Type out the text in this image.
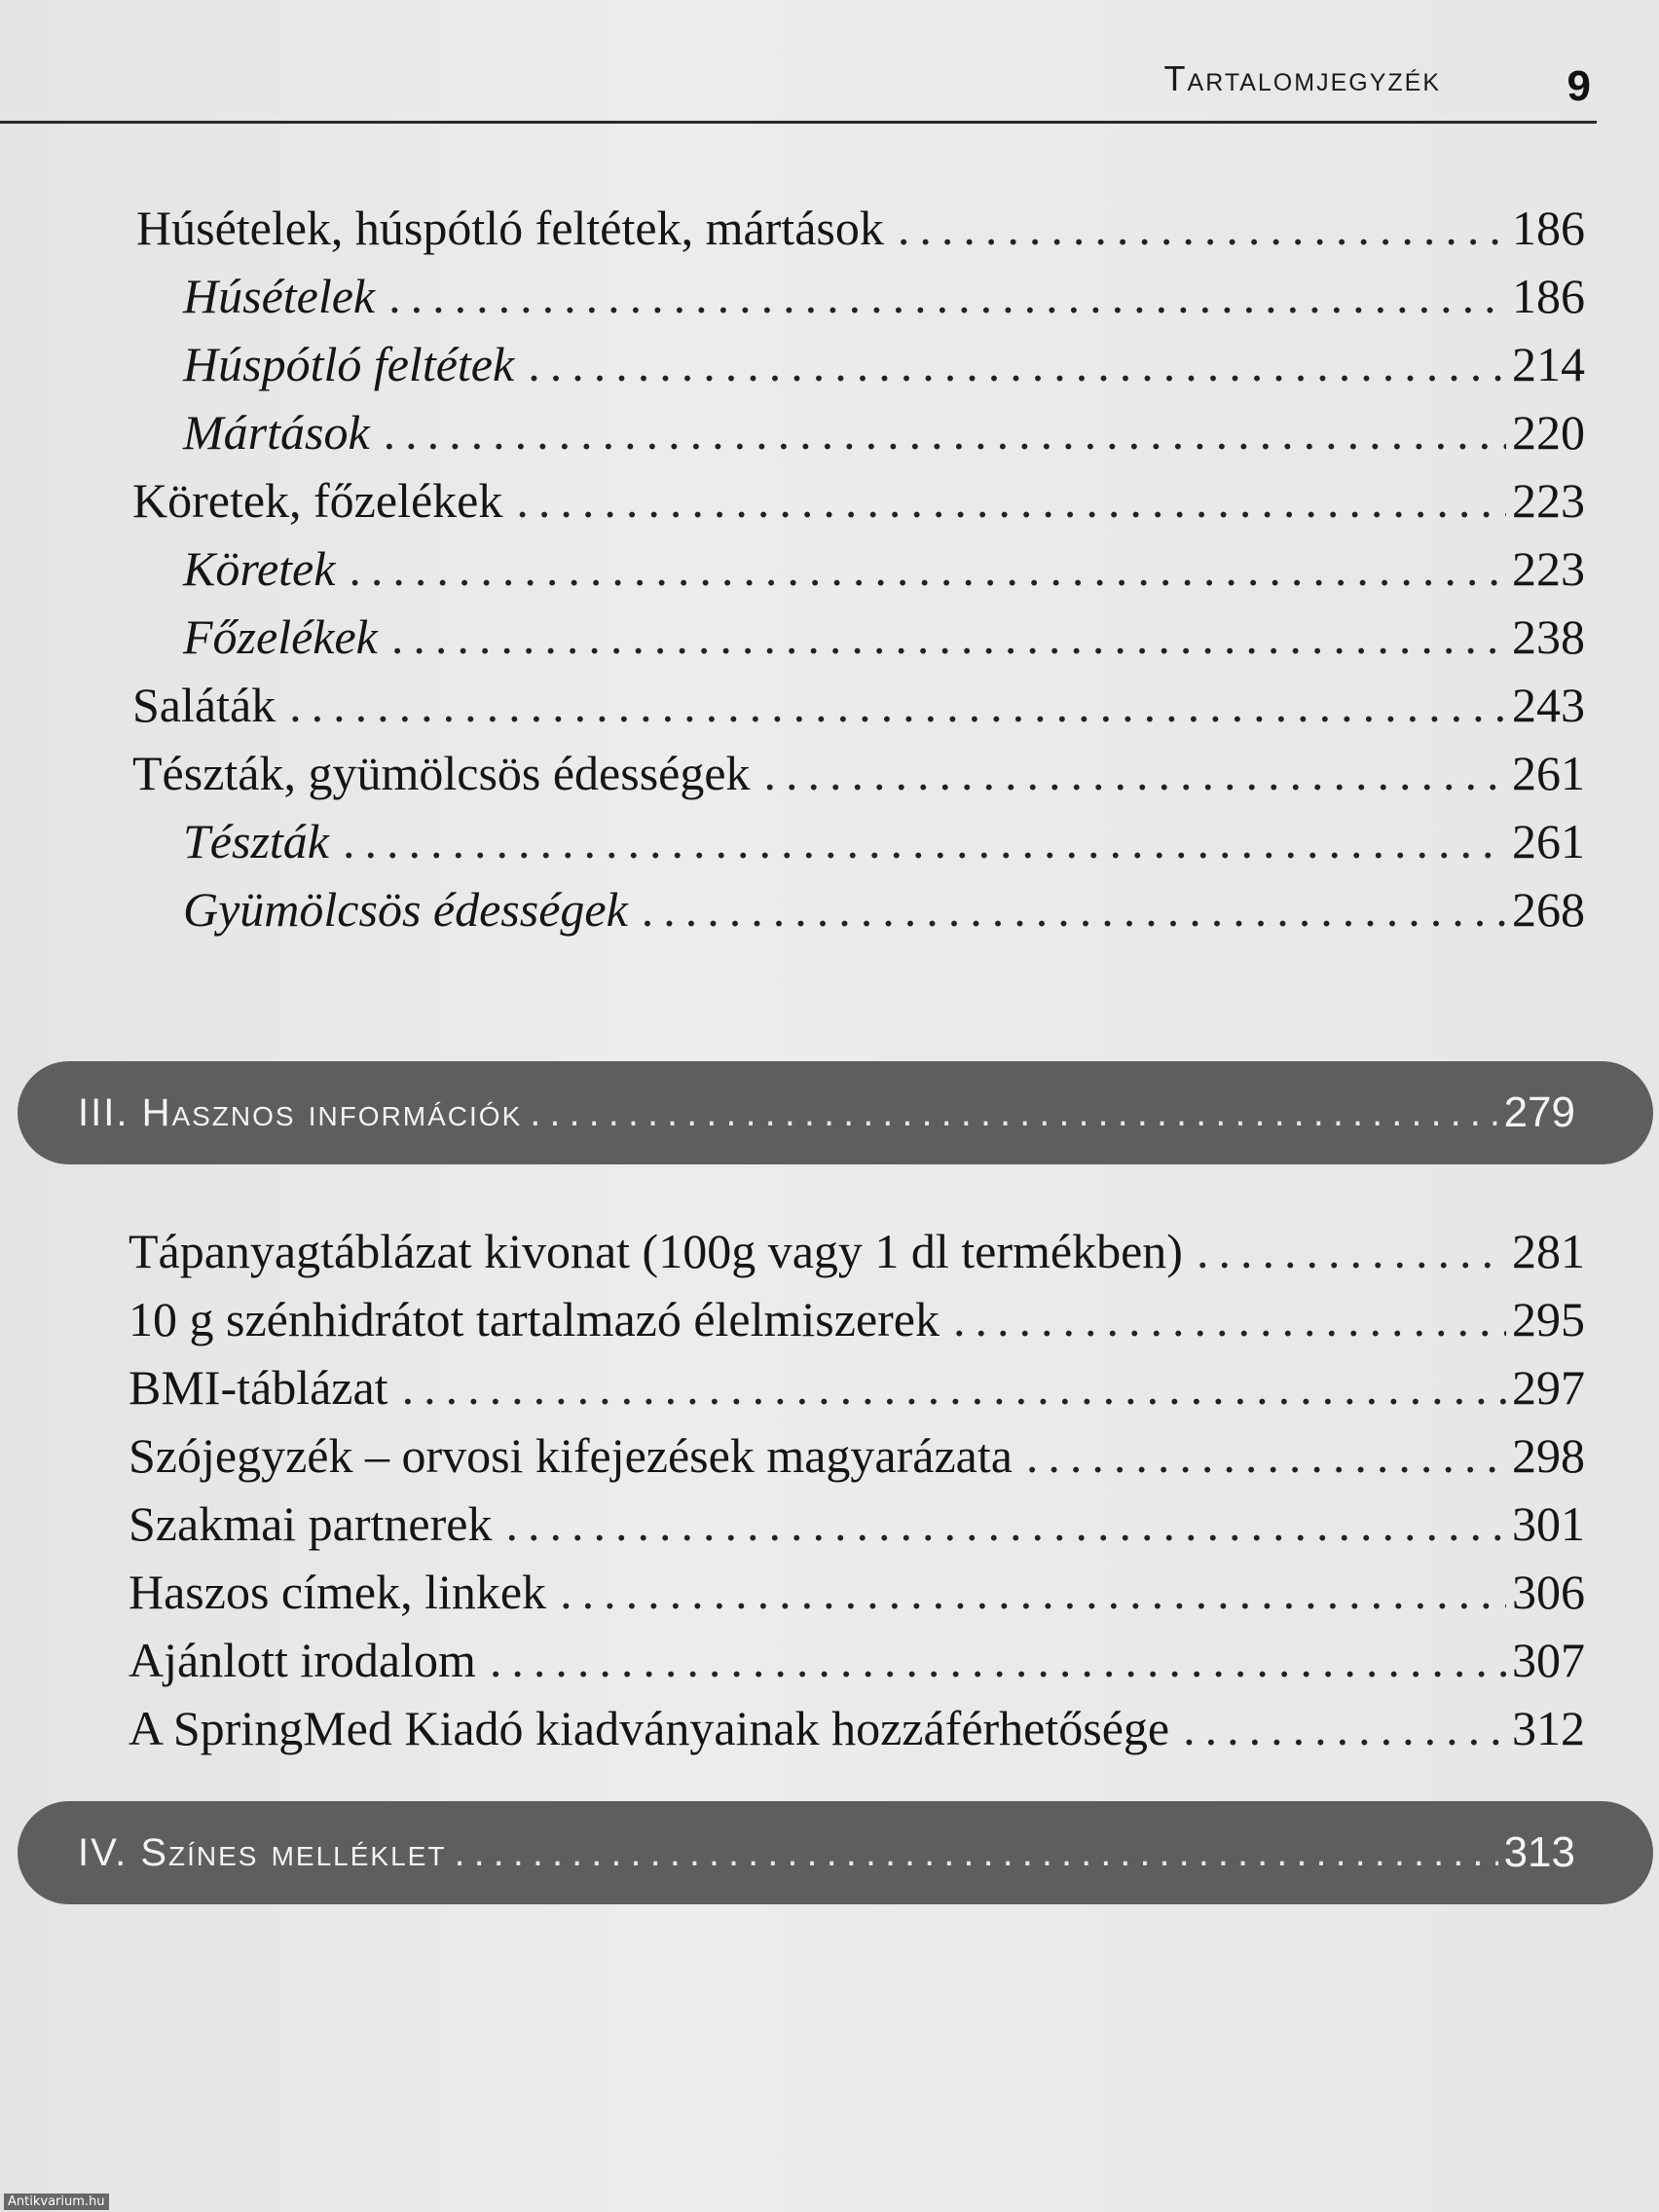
Tartalomjegyzék	9
Húsételek, húspótló feltétek, mártások .....	186
Húsételek .....	186
Húspótló feltétek .....	214
Mártások .....	220
Köretek, főzelékek .....	223
Köretek .....	223
Főzelékek .....	238
Saláták .....	243
Tészták, gyümölcsös édességek .....	261
Tészták .....	261
Gyümölcsös édességek .....	268
III. Hasznos információk .....	279
Tápanyagtáblázat kivonat (100g vagy 1 dl termékben) .....	281
10 g szénhidrátot tartalmazó élelmiszerek .....	295
BMI-táblázat .....	297
Szójegyzék – orvosi kifejezések magyarázata .....	298
Szakmai partnerek .....	301
Haszos címek, linkek .....	306
Ajánlott irodalom .....	307
A SpringMed Kiadó kiadványainak hozzáférhetősége .....	312
IV. Színes melléklet .....	313
Antikvarium.hu
